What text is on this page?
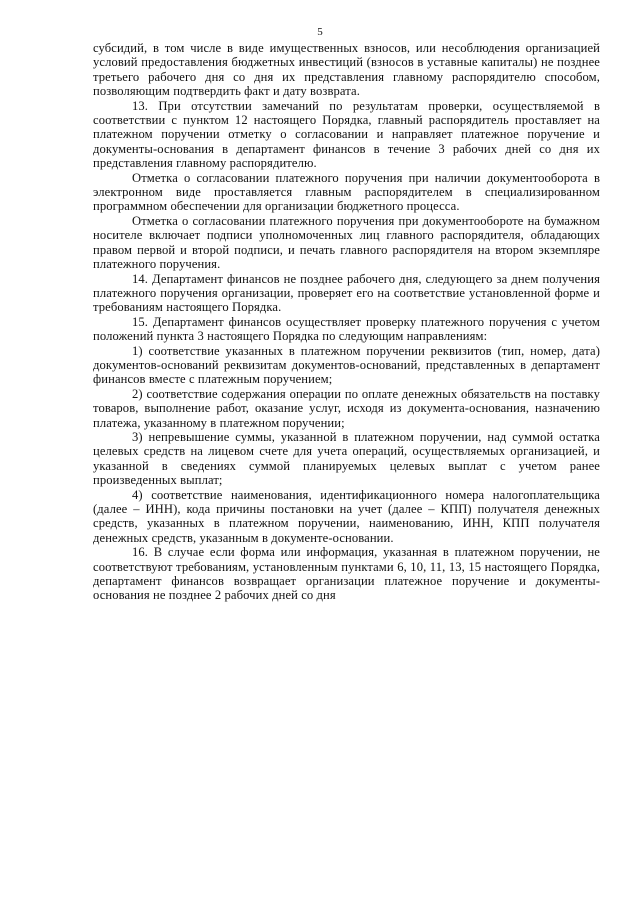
5

субсидий, в том числе в виде имущественных взносов, или несоблюдения организацией условий предоставления бюджетных инвестиций (взносов в уставные капиталы) не позднее третьего рабочего дня со дня их представления главному распорядителю способом, позволяющим подтвердить факт и дату возврата.

13. При отсутствии замечаний по результатам проверки, осуществляемой в соответствии с пунктом 12 настоящего Порядка, главный распорядитель проставляет на платежном поручении отметку о согласовании и направляет платежное поручение и документы-основания в департамент финансов в течение 3 рабочих дней со дня их представления главному распорядителю.

Отметка о согласовании платежного поручения при наличии документооборота в электронном виде проставляется главным распорядителем в специализированном программном обеспечении для организации бюджетного процесса.

Отметка о согласовании платежного поручения при документообороте на бумажном носителе включает подписи уполномоченных лиц главного распорядителя, обладающих правом первой и второй подписи, и печать главного распорядителя на втором экземпляре платежного поручения.

14. Департамент финансов не позднее рабочего дня, следующего за днем получения платежного поручения организации, проверяет его на соответствие установленной форме и требованиям настоящего Порядка.

15. Департамент финансов осуществляет проверку платежного поручения с учетом положений пункта 3 настоящего Порядка по следующим направлениям:

1) соответствие указанных в платежном поручении реквизитов (тип, номер, дата) документов-оснований реквизитам документов-оснований, представленных в департамент финансов вместе с платежным поручением;

2) соответствие содержания операции по оплате денежных обязательств на поставку товаров, выполнение работ, оказание услуг, исходя из документа-основания, назначению платежа, указанному в платежном поручении;

3) непревышение суммы, указанной в платежном поручении, над суммой остатка целевых средств на лицевом счете для учета операций, осуществляемых организацией, и указанной в сведениях суммой планируемых целевых выплат с учетом ранее произведенных выплат;

4) соответствие наименования, идентификационного номера налогоплательщика (далее – ИНН), кода причины постановки на учет (далее – КПП) получателя денежных средств, указанных в платежном поручении, наименованию, ИНН, КПП получателя денежных средств, указанным в документе-основании.

16. В случае если форма или информация, указанная в платежном поручении, не соответствуют требованиям, установленным пунктами 6, 10, 11, 13, 15 настоящего Порядка, департамент финансов возвращает организации платежное поручение и документы-основания не позднее 2 рабочих дней со дня
